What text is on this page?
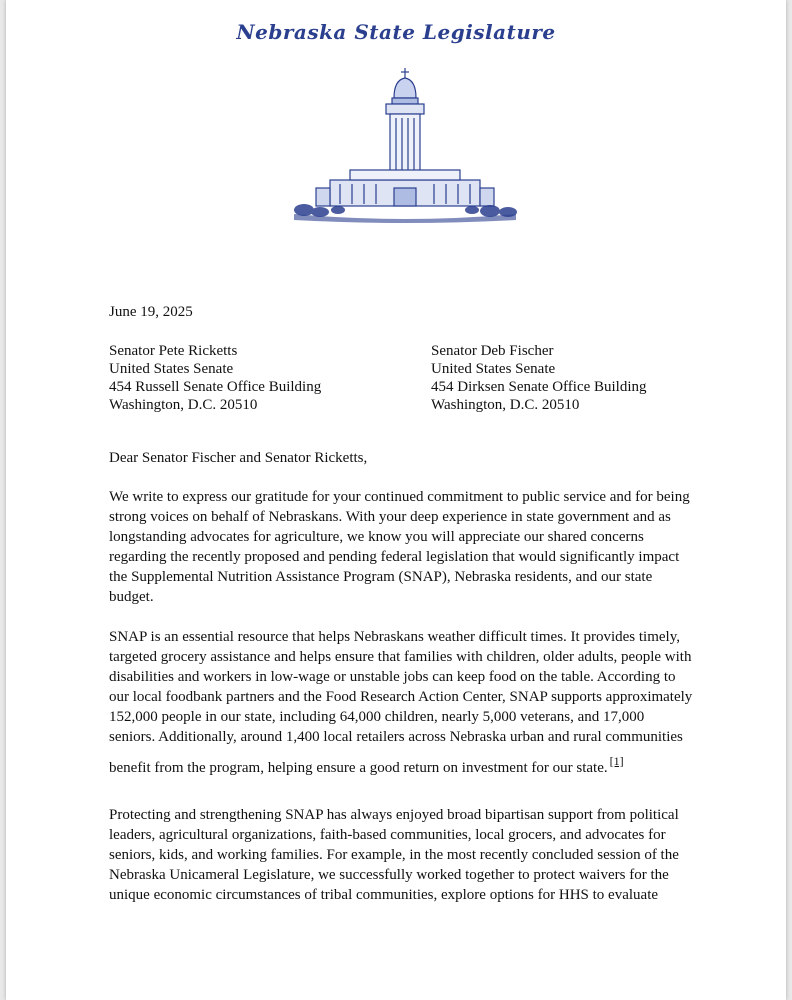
Nebraska State Legislature
June 19, 2025
Senator Pete Ricketts
United States Senate
454 Russell Senate Office Building
Washington, D.C. 20510
Senator Deb Fischer
United States Senate
454 Dirksen Senate Office Building
Washington, D.C. 20510
Dear Senator Fischer and Senator Ricketts,
We write to express our gratitude for your continued commitment to public service and for being
strong voices on behalf of Nebraskans. With your deep experience in state government and as
longstanding advocates for agriculture, we know you will appreciate our shared concerns
regarding the recently proposed and pending federal legislation that would significantly impact
the Supplemental Nutrition Assistance Program (SNAP), Nebraska residents, and our state
budget.
SNAP is an essential resource that helps Nebraskans weather difficult times. It provides timely,
targeted grocery assistance and helps ensure that families with children, older adults, people with
disabilities and workers in low-wage or unstable jobs can keep food on the table. According to
our local foodbank partners and the Food Research Action Center, SNAP supports approximately
152,000 people in our state, including 64,000 children, nearly 5,000 veterans, and 17,000
seniors. Additionally, around 1,400 local retailers across Nebraska urban and rural communities
benefit from the program, helping ensure a good return on investment for our state. [1]
Protecting and strengthening SNAP has always enjoyed broad bipartisan support from political
leaders, agricultural organizations, faith-based communities, local grocers, and advocates for
seniors, kids, and working families. For example, in the most recently concluded session of the
Nebraska Unicameral Legislature, we successfully worked together to protect waivers for the
unique economic circumstances of tribal communities, explore options for HHS to evaluate
